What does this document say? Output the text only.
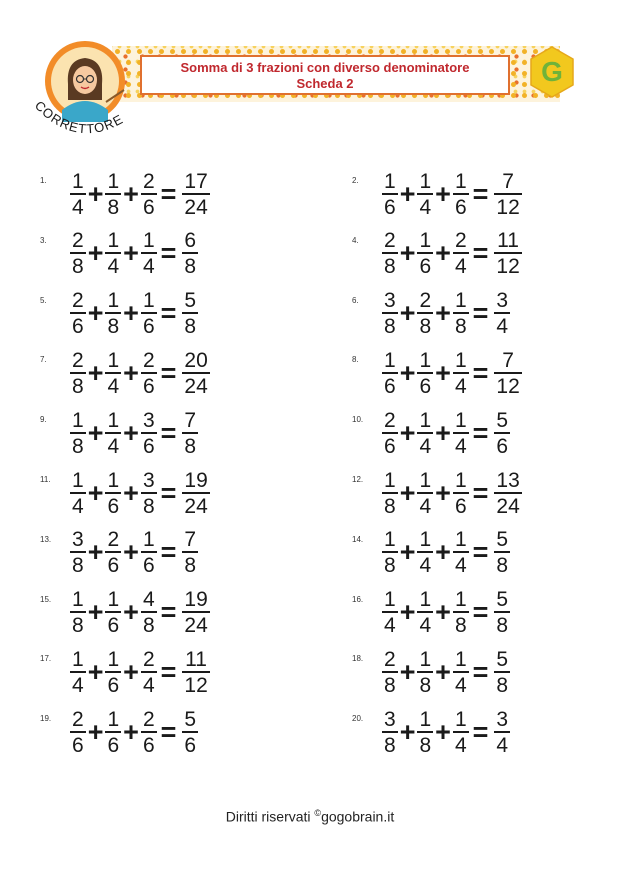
CORRETTORE
Somma di 3 frazioni con diverso denominatore
Scheda 2	G
1. $\frac{1}{4} + \frac{1}{8} + \frac{2}{6} = \frac{17}{24}$	2. $\frac{1}{6} + \frac{1}{4} + \frac{1}{6} = \frac{7}{12}$
3. $\frac{2}{8} + \frac{1}{4} + \frac{1}{4} = \frac{6}{8}$	4. $\frac{2}{8} + \frac{1}{6} + \frac{2}{4} = \frac{11}{12}$
5. $\frac{2}{6} + \frac{1}{8} + \frac{1}{6} = \frac{5}{8}$	6. $\frac{3}{8} + \frac{2}{8} + \frac{1}{8} = \frac{3}{4}$
7. $\frac{2}{8} + \frac{1}{4} + \frac{2}{6} = \frac{20}{24}$	8. $\frac{1}{6} + \frac{1}{6} + \frac{1}{4} = \frac{7}{12}$
9. $\frac{1}{8} + \frac{1}{4} + \frac{3}{6} = \frac{7}{8}$	10. $\frac{2}{6} + \frac{1}{4} + \frac{1}{4} = \frac{5}{6}$
11. $\frac{1}{4} + \frac{1}{6} + \frac{3}{8} = \frac{19}{24}$	12. $\frac{1}{8} + \frac{1}{4} + \frac{1}{6} = \frac{13}{24}$
13. $\frac{3}{8} + \frac{2}{6} + \frac{1}{6} = \frac{7}{8}$	14. $\frac{1}{8} + \frac{1}{4} + \frac{1}{4} = \frac{5}{8}$
15. $\frac{1}{8} + \frac{1}{6} + \frac{4}{8} = \frac{19}{24}$	16. $\frac{1}{4} + \frac{1}{4} + \frac{1}{8} = \frac{5}{8}$
17. $\frac{1}{4} + \frac{1}{6} + \frac{2}{4} = \frac{11}{12}$	18. $\frac{2}{8} + \frac{1}{8} + \frac{1}{4} = \frac{5}{8}$
19. $\frac{2}{6} + \frac{1}{6} + \frac{2}{6} = \frac{5}{6}$	20. $\frac{3}{8} + \frac{1}{8} + \frac{1}{4} = \frac{3}{4}$
Diritti riservati ©gogobrain.it
